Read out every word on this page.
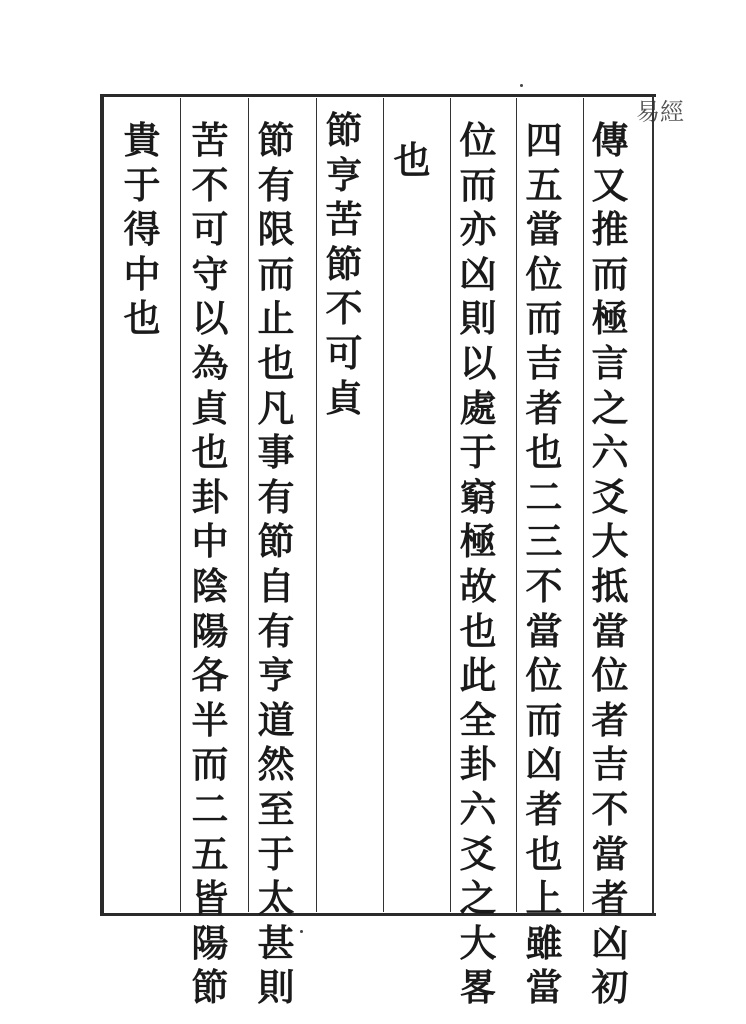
易經
傳
又
推
而
極
言
之
六
爻
大
抵
當
位
者
吉
不
當
者
凶
初
四
五
當
位
而
吉
者
也
二
三
不
當
位
而
凶
者
也
上
雖
當
位
而
亦
凶
則
以
處
于
窮
極
故
也
此
全
卦
六
爻
之
大
畧
也
節
亨
苦
節
不
可
貞
節
有
限
而
止
也
凡
事
有
節
自
有
亨
道
然
至
于
太
甚
則
苦
不
可
守
以
為
貞
也
卦
中
陰
陽
各
半
而
二
五
皆
陽
節
貴
于
得
中
也
